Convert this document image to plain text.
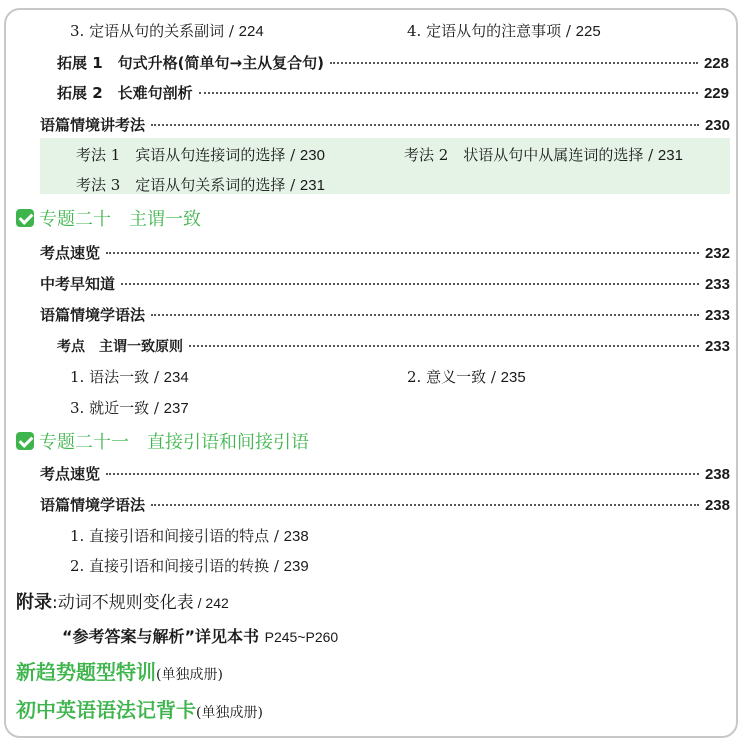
3. 定语从句的关系副词 / 224	4. 定语从句的注意事项 / 225
拓展 1　句式升格(简单句→主从复合句)	228
拓展 2　长难句剖析	229
语篇情境讲考法	230
考法 1　宾语从句连接词的选择 / 230	考法 2　状语从句中从属连词的选择 / 231
考法 3　定语从句关系词的选择 / 231
专题二十　主谓一致
考点速览	232
中考早知道	233
语篇情境学语法	233
考点　主谓一致原则	233
1. 语法一致 / 234	2. 意义一致 / 235
3. 就近一致 / 237
专题二十一　直接引语和间接引语
考点速览	238
语篇情境学语法	238
1. 直接引语和间接引语的特点 / 238
2. 直接引语和间接引语的转换 / 239
附录:动词不规则变化表 / 242
“参考答案与解析”详见本书 P245~P260
新趋势题型特训(单独成册)
初中英语语法记背卡(单独成册)
